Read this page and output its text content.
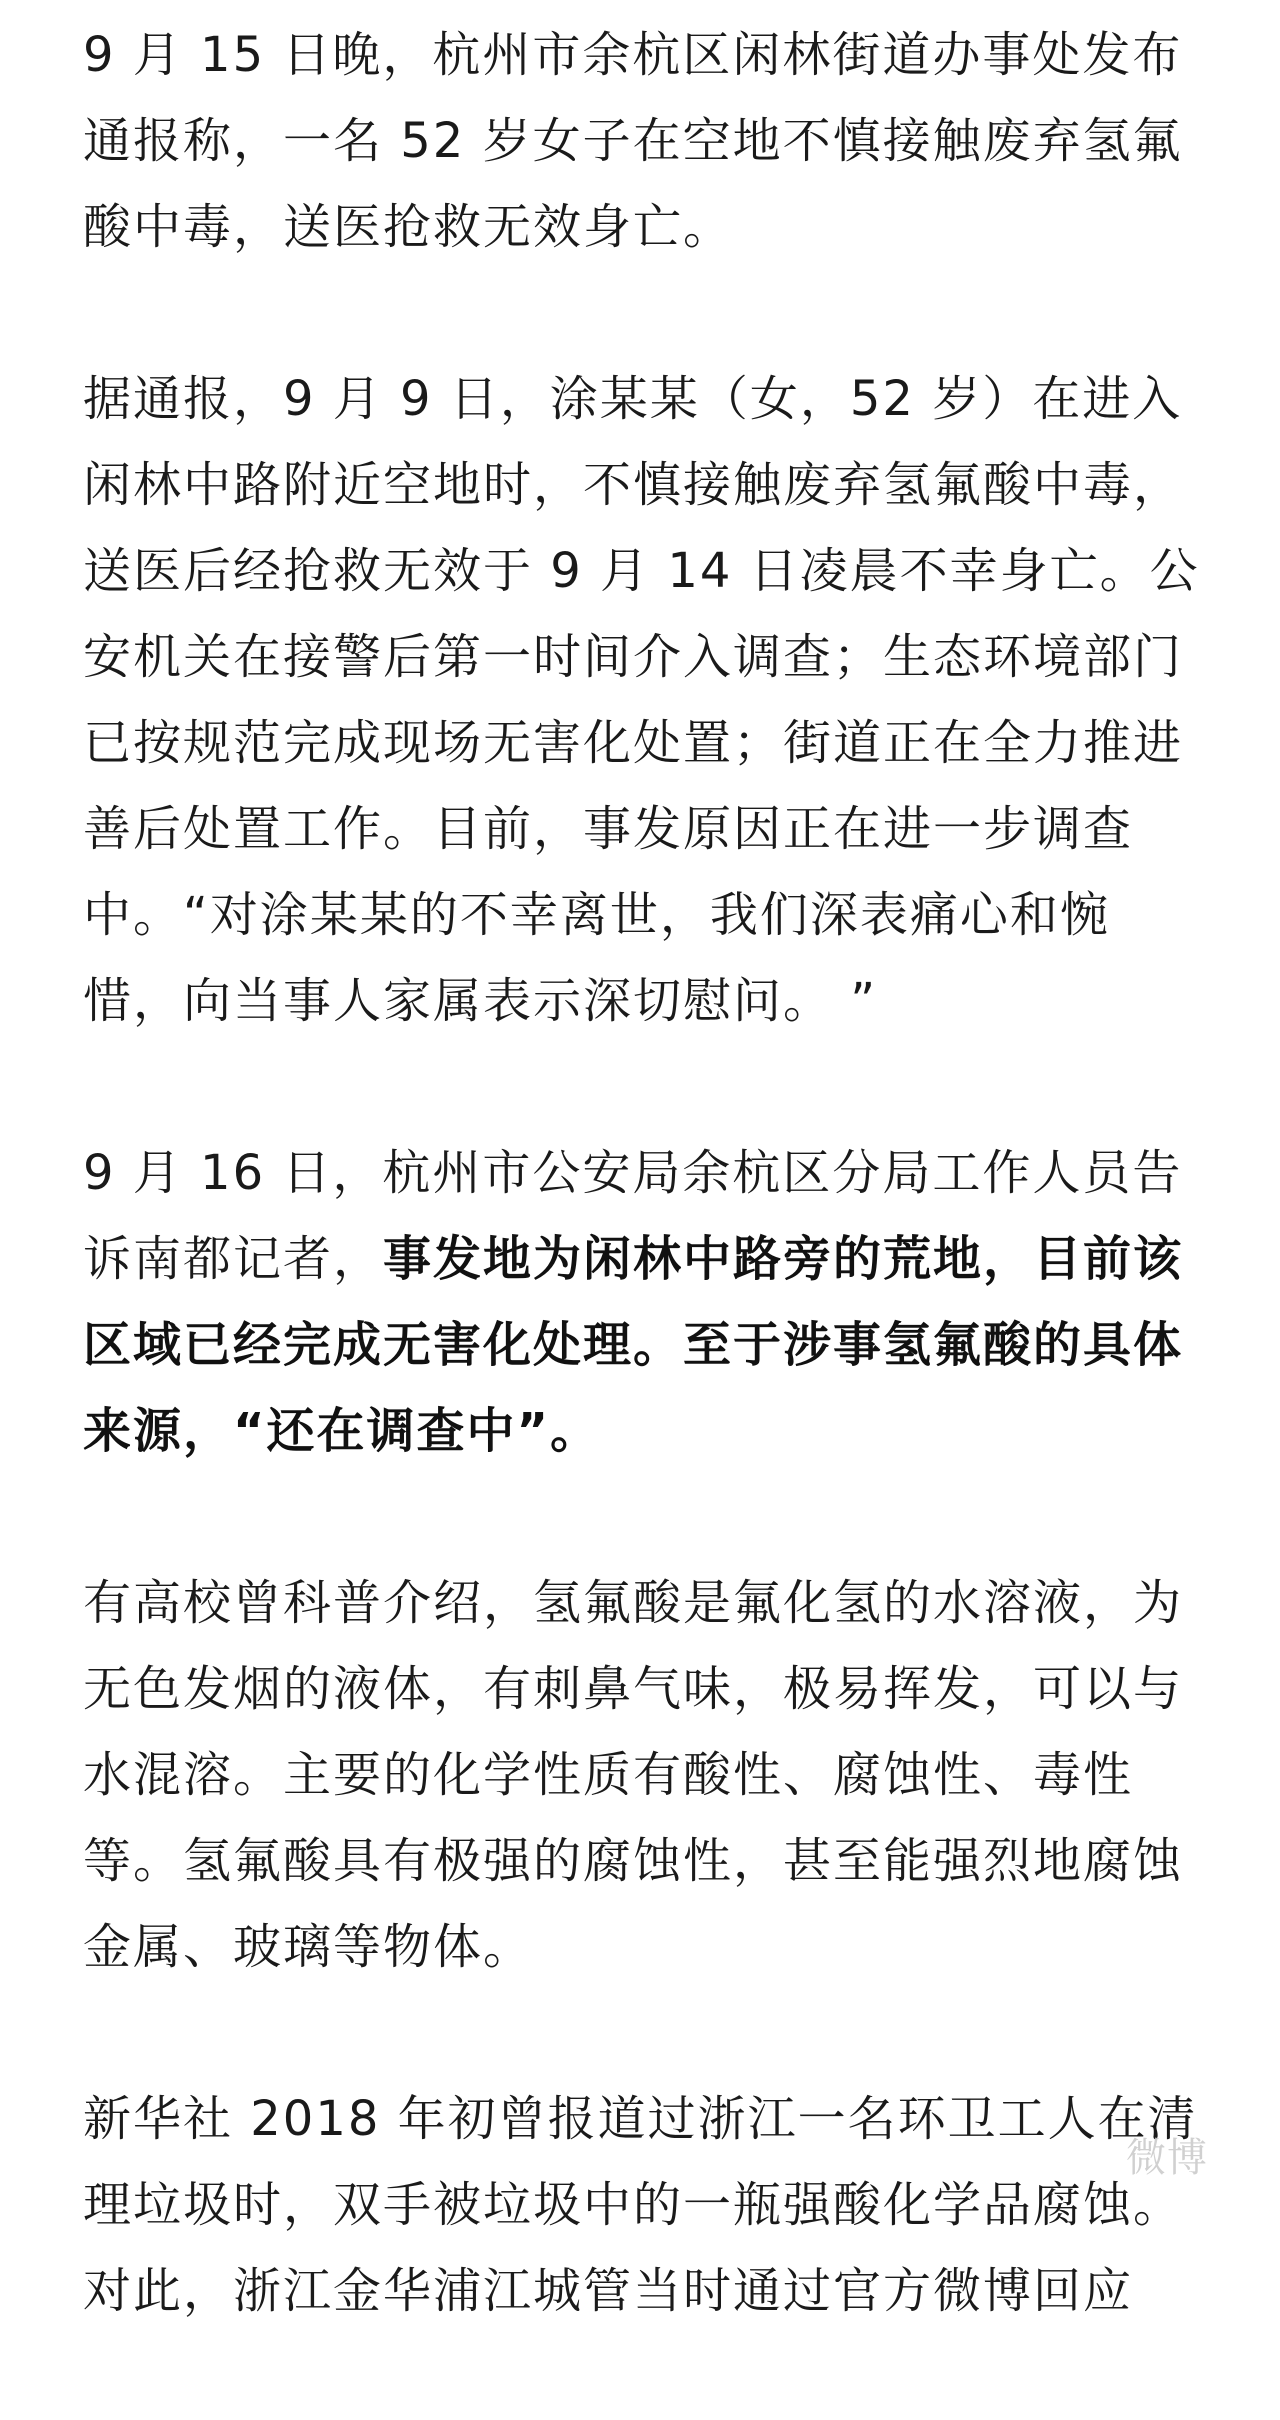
9 月 15 日晚，杭州市余杭区闲林街道办事处发布通报称，一名 52 岁女子在空地不慎接触废弃氢氟酸中毒，送医抢救无效身亡。

据通报，9 月 9 日，涂某某（女，52 岁）在进入闲林中路附近空地时，不慎接触废弃氢氟酸中毒，送医后经抢救无效于 9 月 14 日凌晨不幸身亡。公安机关在接警后第一时间介入调查；生态环境部门已按规范完成现场无害化处置；街道正在全力推进善后处置工作。目前，事发原因正在进一步调查中。“对涂某某的不幸离世，我们深表痛心和惋惜，向当事人家属表示深切慰问。 ”

9 月 16 日，杭州市公安局余杭区分局工作人员告诉南都记者，事发地为闲林中路旁的荒地，目前该区域已经完成无害化处理。至于涉事氢氟酸的具体来源，“还在调查中”。

有高校曾科普介绍，氢氟酸是氟化氢的水溶液，为无色发烟的液体，有刺鼻气味，极易挥发，可以与水混溶。主要的化学性质有酸性、腐蚀性、毒性等。氢氟酸具有极强的腐蚀性，甚至能强烈地腐蚀金属、玻璃等物体。

新华社 2018 年初曾报道过浙江一名环卫工人在清理垃圾时，双手被垃圾中的一瓶强酸化学品腐蚀。对此，浙江金华浦江城管当时通过官方微博回应

微博
